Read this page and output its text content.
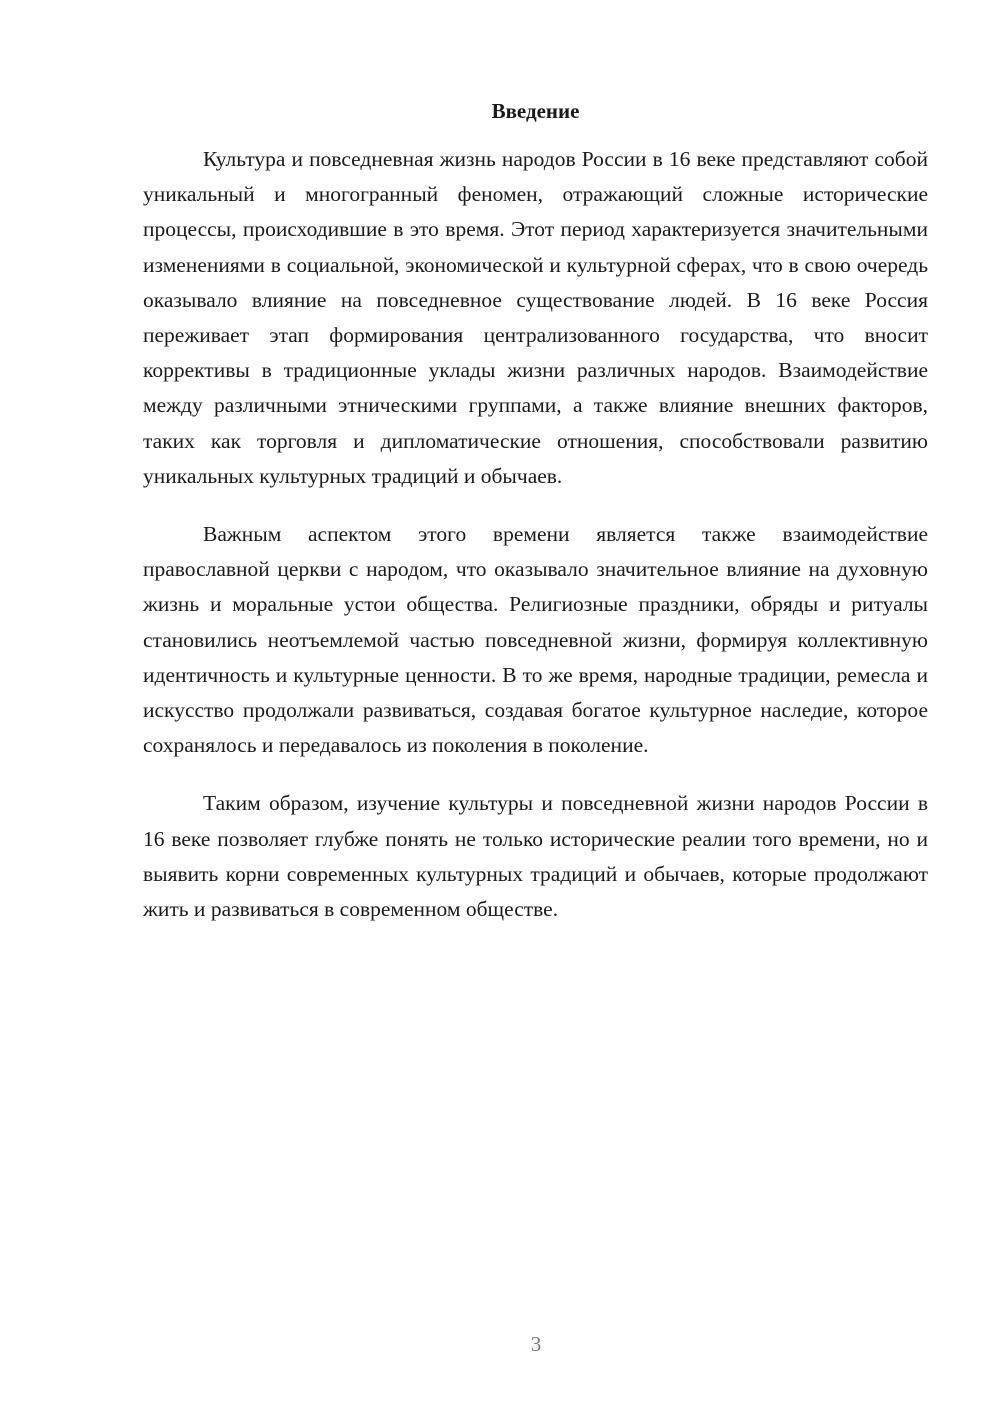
Введение

Культура и повседневная жизнь народов России в 16 веке представляют собой уникальный и многогранный феномен, отражающий сложные исторические процессы, происходившие в это время. Этот период характеризуется значительными изменениями в социальной, экономической и культурной сферах, что в свою очередь оказывало влияние на повседневное существование людей. В 16 веке Россия переживает этап формирования централизованного государства, что вносит коррективы в традиционные уклады жизни различных народов. Взаимодействие между различными этническими группами, а также влияние внешних факторов, таких как торговля и дипломатические отношения, способствовали развитию уникальных культурных традиций и обычаев.

Важным аспектом этого времени является также взаимодействие православной церкви с народом, что оказывало значительное влияние на духовную жизнь и моральные устои общества. Религиозные праздники, обряды и ритуалы становились неотъемлемой частью повседневной жизни, формируя коллективную идентичность и культурные ценности. В то же время, народные традиции, ремесла и искусство продолжали развиваться, создавая богатое культурное наследие, которое сохранялось и передавалось из поколения в поколение.

Таким образом, изучение культуры и повседневной жизни народов России в 16 веке позволяет глубже понять не только исторические реалии того времени, но и выявить корни современных культурных традиций и обычаев, которые продолжают жить и развиваться в современном обществе.

3
